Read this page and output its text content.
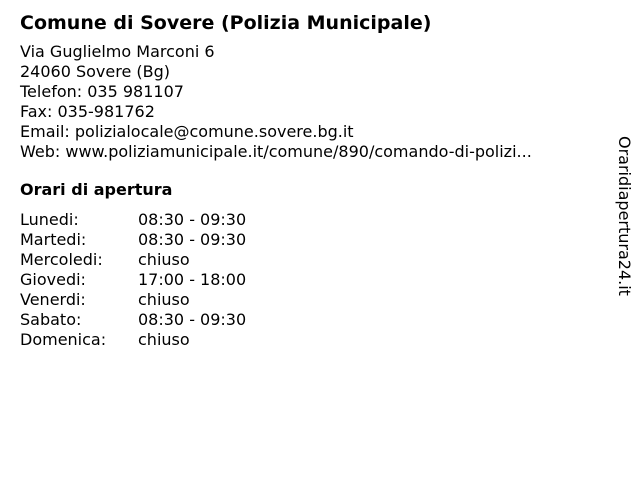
Comune di Sovere (Polizia Municipale)
Via Guglielmo Marconi 6
24060 Sovere (Bg)
Telefon: 035 981107
Fax: 035-981762
Email: polizialocale@comune.sovere.bg.it
Web: www.poliziamunicipale.it/comune/890/comando-di-polizi...
Orari di apertura
Lunedi:	08:30 - 09:30
Martedi:	08:30 - 09:30
Mercoledi:	chiuso
Giovedi:	17:00 - 18:00
Venerdi:	chiuso
Sabato:	08:30 - 09:30
Domenica:	chiuso
Oraridiapertura24.it
